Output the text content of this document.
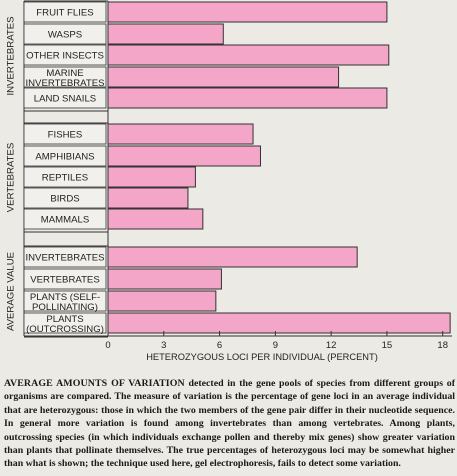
FRUIT FLIES
WASPS
OTHER INSECTS
MARINE INVERTEBRATES
LAND SNAILS
FISHES
AMPHIBIANS
REPTILES
BIRDS
MAMMALS
INVERTEBRATES
VERTEBRATES
PLANTS (SELF-POLLINATING)
PLANTS (OUTCROSSING)
INVERTEBRATES
VERTEBRATES
AVERAGE VALUE
0	3	6	9	12	15	18
HETEROZYGOUS LOCI PER INDIVIDUAL (PERCENT)

AVERAGE AMOUNTS OF VARIATION detected in the gene pools of species from different groups of organisms are compared. The measure of variation is the percentage of gene loci in an average individual that are heterozygous: those in which the two members of the gene pair differ in their nucleotide sequence. In general more variation is found among invertebrates than among vertebrates. Among plants, outcrossing species (in which individuals exchange pollen and thereby mix genes) show greater variation than plants that pollinate themselves. The true percentages of heterozygous loci may be somewhat higher than what is shown; the technique used here, gel electrophoresis, fails to detect some variation.
